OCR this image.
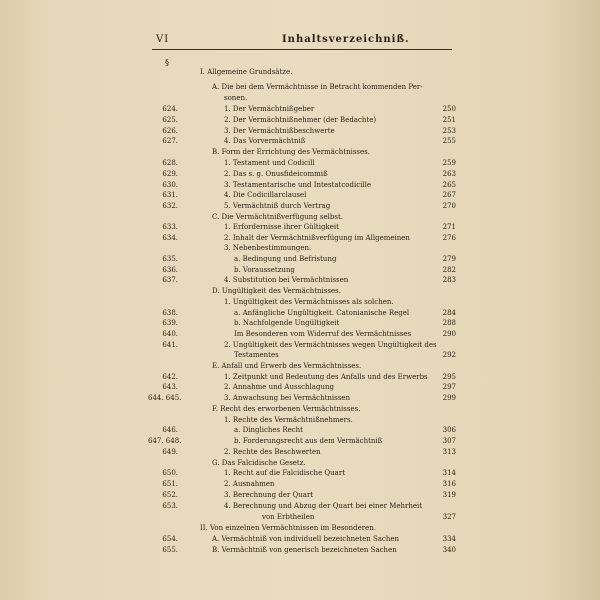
VI	Inhaltsverzeichniß.
§
I. Allgemeine Grundsätze.
A. Die bei dem Vermächtnisse in Betracht kommenden Per-
sonen.
624.	1. Der Vermächtnißgeber	250
625.	2. Der Vermächtnißnehmer (der Bedachte)	251
626.	3. Der Vermächtnißbeschwerte	253
627.	4. Das Vorvermächtniß	255
B. Form der Errichtung des Vermächtnisses.
628.	1. Testament und Codicill	259
629.	2. Das s. g. Onusfideicommiß	263
630.	3. Testamentarische und Intestatcodicille	265
631.	4. Die Codicillarclausel	267
632.	5. Vermächtniß durch Vertrag	270
C. Die Vermächtnißverfügung selbst.
633.	1. Erfordernisse ihrer Gültigkeit	271
634.	2. Inhalt der Vermächtnißverfügung im Allgemeinen	276
3. Nebenbestimmungen.
635.	a. Bedingung und Befristung	279
636.	b. Voraussetzung	282
637.	4. Substitution bei Vermächtnissen	283
D. Ungültigkeit des Vermächtnisses.
1. Ungültigkeit des Vermächtnisses als solchen.
638.	a. Anfängliche Ungültigkeit. Catonianische Regel	284
639.	b. Nachfolgende Ungültigkeit	288
640.	Im Besonderen vom Widerruf des Vermächtnisses	290
641.	2. Ungültigkeit des Vermächtnisses wegen Ungültigkeit des
Testamentes	292
E. Anfall und Erwerb des Vermächtnisses.
642.	1. Zeitpunkt und Bedeutung des Anfalls und des Erwerbs	295
643.	2. Annahme und Ausschlagung	297
644. 645.	3. Anwachsung bei Vermächtnissen	299
F. Recht des erworbenen Vermächtnisses.
1. Rechte des Vermächtnißnehmers.
646.	a. Dingliches Recht	306
647. 648.	b. Forderungsrecht aus dem Vermächtniß	307
649.	2. Rechte des Beschwerten	313
G. Das Falcidische Gesetz.
650.	1. Recht auf die Falcidische Quart	314
651.	2. Ausnahmen	316
652.	3. Berechnung der Quart	319
653.	4. Berechnung und Abzug der Quart bei einer Mehrheit
von Erbtheilen	327
II. Von einzelnen Vermächtnissen im Besonderen.
654.	A. Vermächtniß von individuell bezeichneten Sachen	334
655.	B. Vermächtniß von generisch bezeichneten Sachen	340
